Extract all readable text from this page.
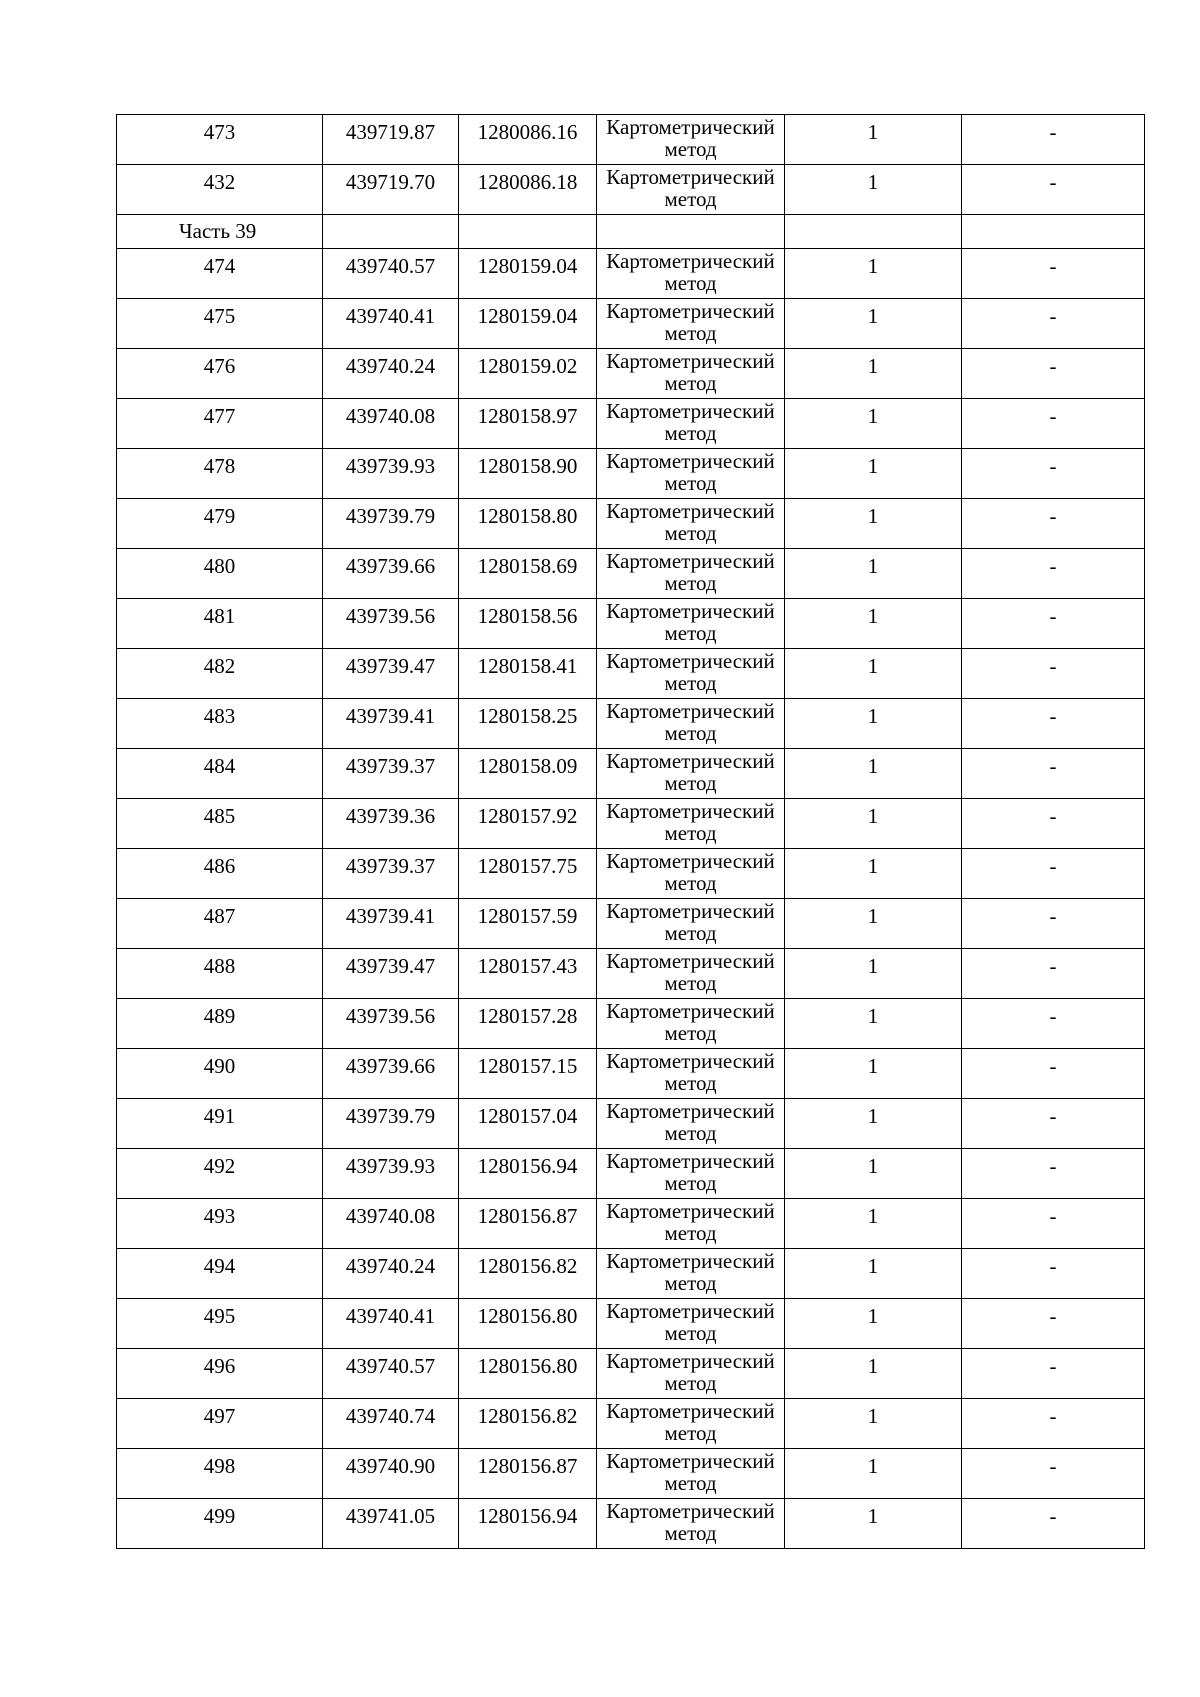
473	439719.87	1280086.16	Картометрический метод	1	-

432	439719.70	1280086.18	Картометрический метод	1	-

Часть 39					

474	439740.57	1280159.04	Картометрический метод	1	-

475	439740.41	1280159.04	Картометрический метод	1	-

476	439740.24	1280159.02	Картометрический метод	1	-

477	439740.08	1280158.97	Картометрический метод	1	-

478	439739.93	1280158.90	Картометрический метод	1	-

479	439739.79	1280158.80	Картометрический метод	1	-

480	439739.66	1280158.69	Картометрический метод	1	-

481	439739.56	1280158.56	Картометрический метод	1	-

482	439739.47	1280158.41	Картометрический метод	1	-

483	439739.41	1280158.25	Картометрический метод	1	-

484	439739.37	1280158.09	Картометрический метод	1	-

485	439739.36	1280157.92	Картометрический метод	1	-

486	439739.37	1280157.75	Картометрический метод	1	-

487	439739.41	1280157.59	Картометрический метод	1	-

488	439739.47	1280157.43	Картометрический метод	1	-

489	439739.56	1280157.28	Картометрический метод	1	-

490	439739.66	1280157.15	Картометрический метод	1	-

491	439739.79	1280157.04	Картометрический метод	1	-

492	439739.93	1280156.94	Картометрический метод	1	-

493	439740.08	1280156.87	Картометрический метод	1	-

494	439740.24	1280156.82	Картометрический метод	1	-

495	439740.41	1280156.80	Картометрический метод	1	-

496	439740.57	1280156.80	Картометрический метод	1	-

497	439740.74	1280156.82	Картометрический метод	1	-

498	439740.90	1280156.87	Картометрический метод	1	-

499	439741.05	1280156.94	Картометрический метод	1	-
